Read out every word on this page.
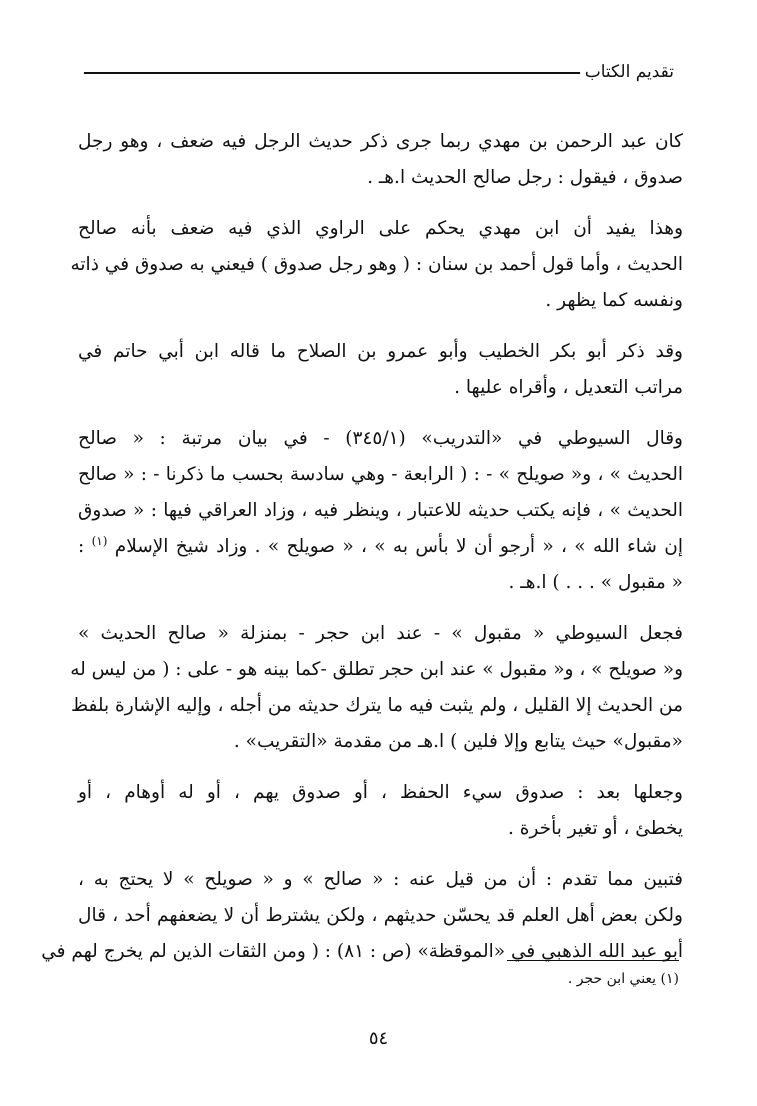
تقديم الكتاب

كان عبد الرحمن بن مهدي ربما جرى ذكر حديث الرجل فيه ضعف ، وهو رجل
صدوق ، فيقول : رجل صالح الحديث ا.هـ .

وهذا يفيد أن ابن مهدي يحكم على الراوي الذي فيه ضعف بأنه صالح
الحديث ، وأما قول أحمد بن سنان : ( وهو رجل صدوق ) فيعني به صدوق في ذاته
ونفسه كما يظهر .

وقد ذكر أبو بكر الخطيب وأبو عمرو بن الصلاح ما قاله ابن أبي حاتم في
مراتب التعديل ، وأقراه عليها .

وقال السيوطي في «التدريب» (٣٤٥/١) - في بيان مرتبة : « صالح
الحديث » ، و« صويلح » - : ( الرابعة - وهي سادسة بحسب ما ذكرنا - : « صالح
الحديث » ، فإنه يكتب حديثه للاعتبار ، وينظر فيه ، وزاد العراقي فيها : « صدوق
إن شاء الله » ، « أرجو أن لا بأس به » ، « صويلح » . وزاد شيخ الإسلام $^{(١)}$ :
« مقبول » . . . ) ا.هـ .

فجعل السيوطي « مقبول » - عند ابن حجر - بمنزلة « صالح الحديث »
و« صويلح » ، و« مقبول » عند ابن حجر تطلق -كما بينه هو - على : ( من ليس له
من الحديث إلا القليل ، ولم يثبت فيه ما يترك حديثه من أجله ، وإليه الإشارة بلفظ
«مقبول» حيث يتابع وإلا فلين ) ا.هـ من مقدمة «التقريب» .

وجعلها بعد : صدوق سيء الحفظ ، أو صدوق يهم ، أو له أوهام ، أو
يخطئ ، أو تغير بأخرة .

فتبين مما تقدم : أن من قيل عنه : « صالح » و « صويلح » لا يحتج به ،
ولكن بعض أهل العلم قد يحسّن حديثهم ، ولكن يشترط أن لا يضعفهم أحد ، قال
أبو عبد الله الذهبي في «الموقظة» (ص : ٨١) : ( ومن الثقات الذين لم يخرج لهم في

(١) يعني ابن حجر .
٥٤
